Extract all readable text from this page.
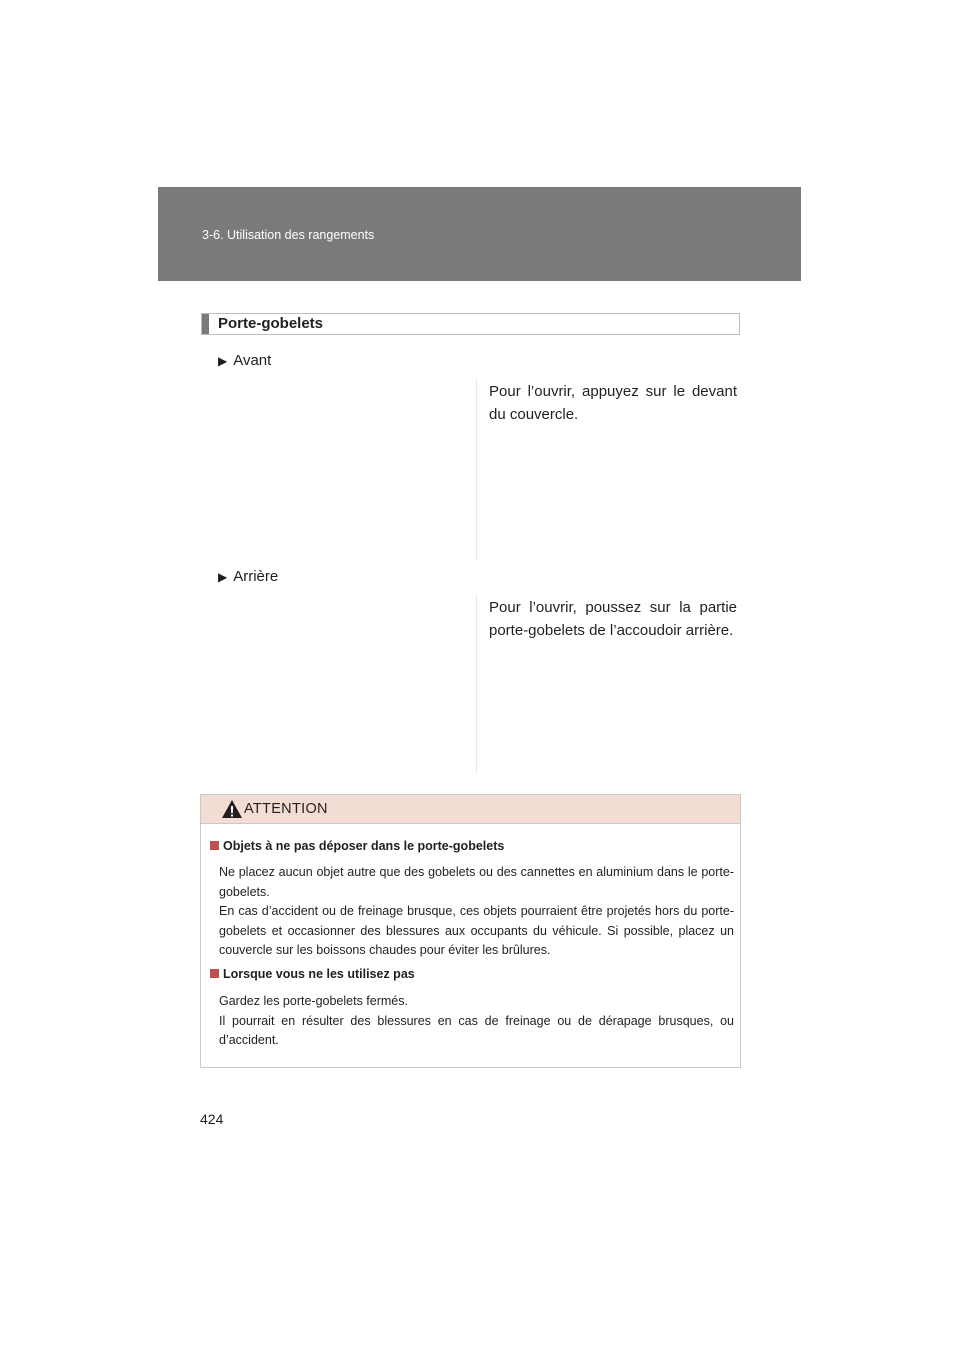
3-6. Utilisation des rangements
Porte-gobelets
▶ Avant
Pour l’ouvrir, appuyez sur le devant du couvercle.
▶ Arrière
Pour l’ouvrir, poussez sur la partie porte-gobelets de l’accoudoir arrière.
ATTENTION
Objets à ne pas déposer dans le porte-gobelets

Ne placez aucun objet autre que des gobelets ou des cannettes en aluminium dans le porte-gobelets.

En cas d’accident ou de freinage brusque, ces objets pourraient être projetés hors du porte-gobelets et occasionner des blessures aux occupants du véhicule. Si possible, placez un couvercle sur les boissons chaudes pour éviter les brûlures.

Lorsque vous ne les utilisez pas

Gardez les porte-gobelets fermés.

Il pourrait en résulter des blessures en cas de freinage ou de dérapage brusques, ou d’accident.

424
